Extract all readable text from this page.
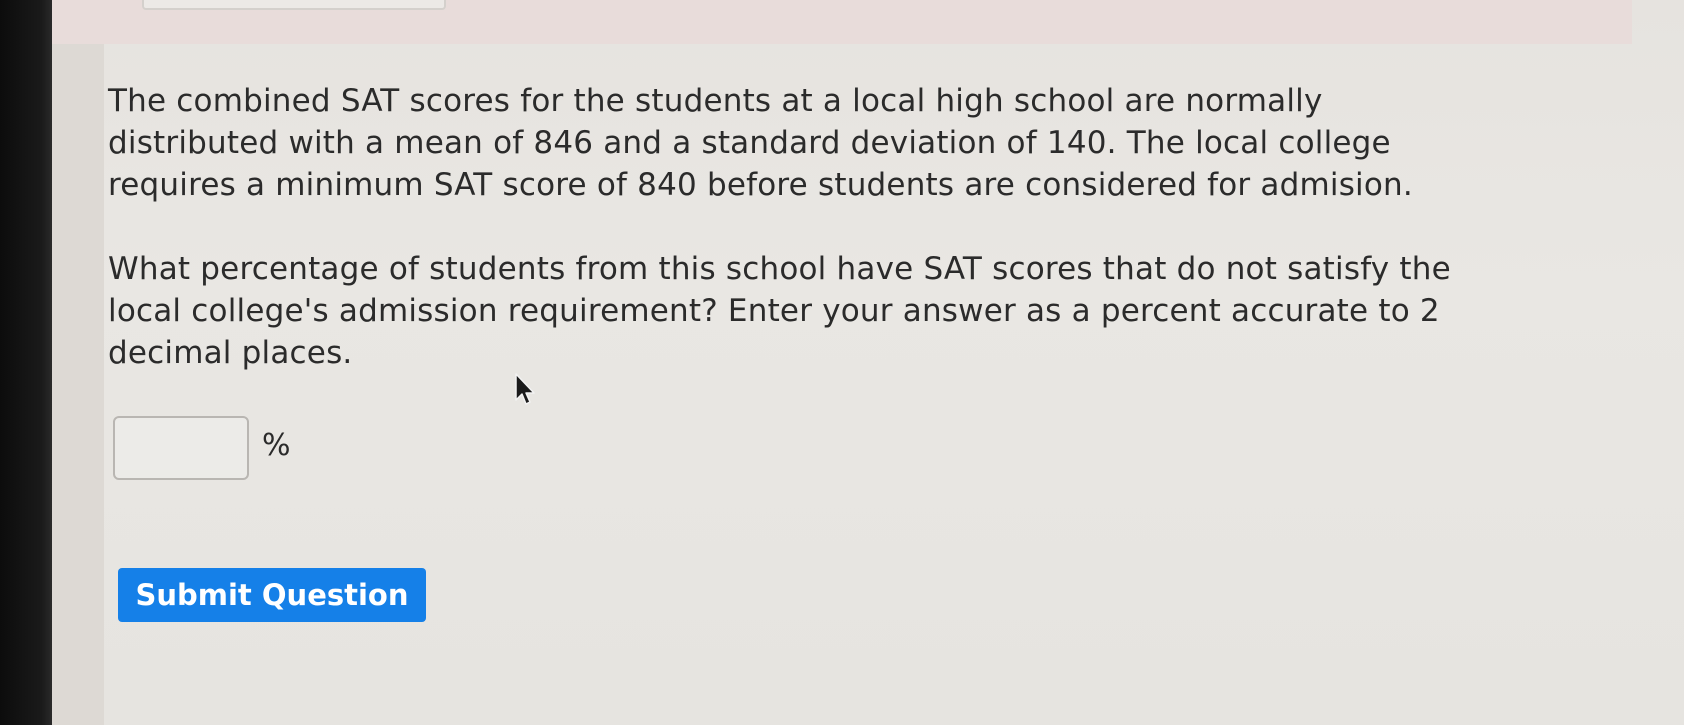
The combined SAT scores for the students at a local high school are normally distributed with a mean of 846 and a standard deviation of 140. The local college requires a minimum SAT score of 840 before students are considered for admision.

What percentage of students from this school have SAT scores that do not satisfy the local college's admission requirement? Enter your answer as a percent accurate to 2 decimal places.

%
Submit Question
